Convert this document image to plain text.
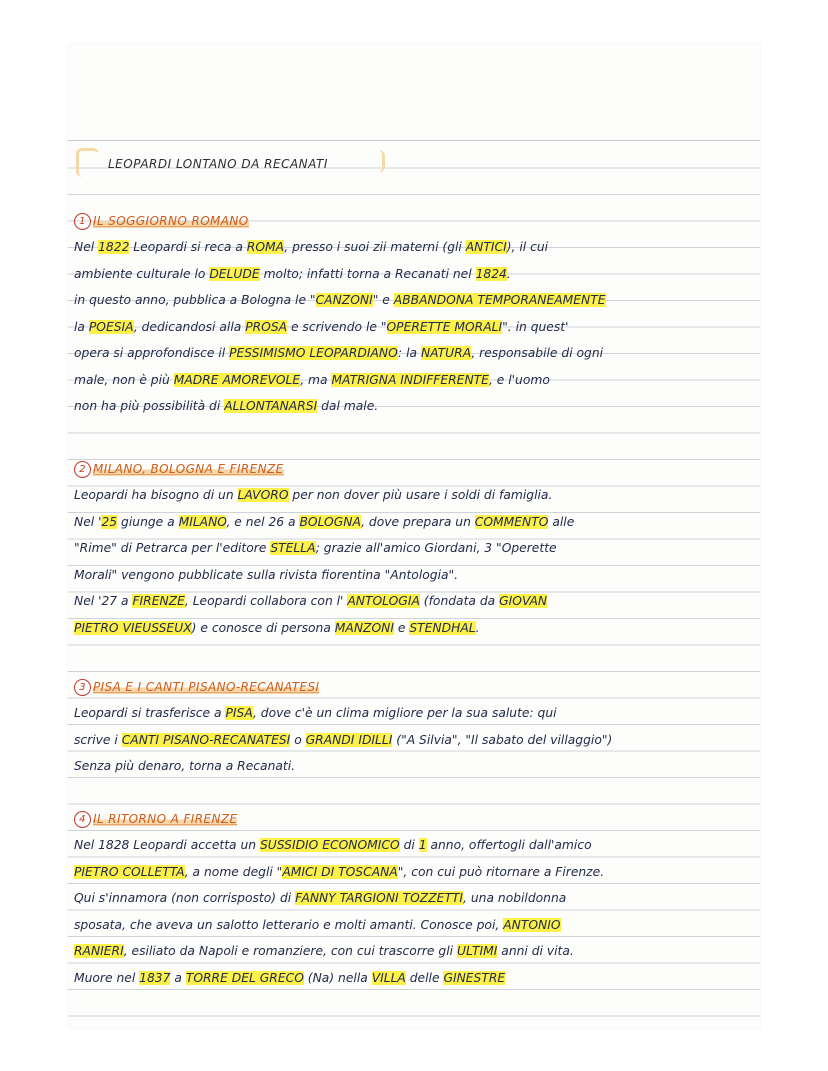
LEOPARDI LONTANO DA RECANATI
1 IL SOGGIORNO ROMANO
Nel 1822 Leopardi si reca a ROMA, presso i suoi zii materni (gli ANTICI), il cui
ambiente culturale lo DELUDE molto; infatti torna a Recanati nel 1824.
in questo anno, pubblica a Bologna le "CANZONI" e ABBANDONA TEMPORANEAMENTE
la POESIA, dedicandosi alla PROSA e scrivendo le "OPERETTE MORALI". in quest'
opera si approfondisce il PESSIMISMO LEOPARDIANO: la NATURA, responsabile di ogni
male, non è più MADRE AMOREVOLE, ma MATRIGNA INDIFFERENTE, e l'uomo
non ha più possibilità di ALLONTANARSI dal male.
2 MILANO, BOLOGNA E FIRENZE
Leopardi ha bisogno di un LAVORO per non dover più usare i soldi di famiglia.
Nel '25 giunge a MILANO, e nel 26 a BOLOGNA, dove prepara un COMMENTO alle
"Rime" di Petrarca per l'editore STELLA; grazie all'amico Giordani, 3 "Operette
Morali" vengono pubblicate sulla rivista fiorentina "Antologia".
Nel '27 a FIRENZE, Leopardi collabora con l' ANTOLOGIA (fondata da GIOVAN
PIETRO VIEUSSEUX) e conosce di persona MANZONI e STENDHAL.
3 PISA E I CANTI PISANO-RECANATESI
Leopardi si trasferisce a PISA, dove c'è un clima migliore per la sua salute: qui
scrive i CANTI PISANO-RECANATESI o GRANDI IDILLI ("A Silvia", "Il sabato del villaggio")
Senza più denaro, torna a Recanati.
4 IL RITORNO A FIRENZE
Nel 1828 Leopardi accetta un SUSSIDIO ECONOMICO di 1 anno, offertogli dall'amico
PIETRO COLLETTA, a nome degli "AMICI DI TOSCANA", con cui può ritornare a Firenze.
Qui s'innamora (non corrisposto) di FANNY TARGIONI TOZZETTI, una nobildonna
sposata, che aveva un salotto letterario e molti amanti. Conosce poi, ANTONIO
RANIERI, esiliato da Napoli e romanziere, con cui trascorre gli ULTIMI anni di vita.
Muore nel 1837 a TORRE DEL GRECO (Na) nella VILLA delle GINESTRE
